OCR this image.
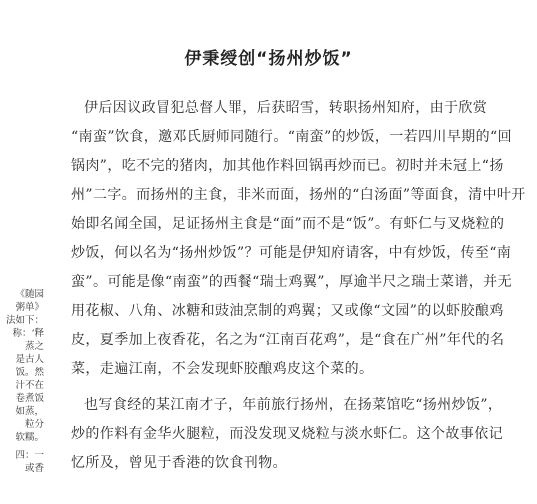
《随园
粥单》
法如下：
称：‘释
蒸之
是古人
饭。然
汁不在
卷煮饭
如蒸，
粒分
软糯。
四：一
或香
伊秉绶创“扬州炒饭”
伊后因议政冒犯总督人罪，后获昭雪，转职扬州知府，由于欣赏
“南蛮”饮食，邀邓氏厨师同随行。“南蛮”的炒饭，一若四川早期的“回
锅肉”，吃不完的猪肉，加其他作料回锅再炒而已。初时并未冠上“扬
州”二字。而扬州的主食，非米而面，扬州的“白汤面”等面食，清中叶开
始即名闻全国，足证扬州主食是“面”而不是“饭”。有虾仁与叉烧粒的
炒饭，何以名为“扬州炒饭”？可能是伊知府请客，中有炒饭，传至“南
蛮”。可能是像“南蛮”的西餐“瑞士鸡翼”，厚逾半尺之瑞士菜谱，并无
用花椒、八角、冰糖和豉油烹制的鸡翼；又或像“文园”的以虾胶酿鸡
皮，夏季加上夜香花，名之为“江南百花鸡”，是“食在广州”年代的名
菜，走遍江南，不会发现虾胶酿鸡皮这个菜的。
也写食经的某江南才子，年前旅行扬州，在扬菜馆吃“扬州炒饭”，
炒的作料有金华火腿粒，而没发现叉烧粒与淡水虾仁。这个故事依记
忆所及，曾见于香港的饮食刊物。
